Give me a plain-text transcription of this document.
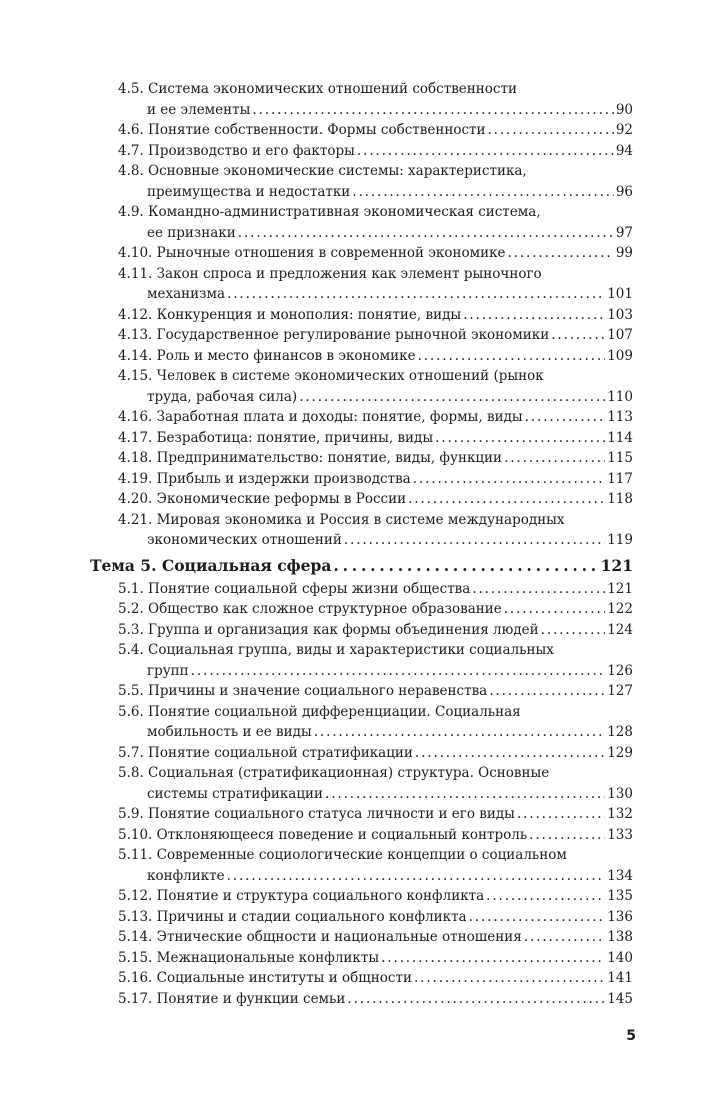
4.5. Система экономических отношений собственности
и ее элементы . . .	90
4.6. Понятие собственности. Формы собственности . . .	92
4.7. Производство и его факторы . . .	94
4.8. Основные экономические системы: характеристика,
преимущества и недостатки . . .	96
4.9. Командно-административная экономическая система,
ее признаки . . .	97
4.10. Рыночные отношения в современной экономике . . .	99
4.11. Закон спроса и предложения как элемент рыночного
механизма . . .	101
4.12. Конкуренция и монополия: понятие, виды . . .	103
4.13. Государственное регулирование рыночной экономики . . .	107
4.14. Роль и место финансов в экономике . . .	109
4.15. Человек в системе экономических отношений (рынок
труда, рабочая сила) . . .	110
4.16. Заработная плата и доходы: понятие, формы, виды . . .	113
4.17. Безработица: понятие, причины, виды . . .	114
4.18. Предпринимательство: понятие, виды, функции . . .	115
4.19. Прибыль и издержки производства . . .	117
4.20. Экономические реформы в России . . .	118
4.21. Мировая экономика и Россия в системе международных
экономических отношений . . .	119
Тема 5. Социальная сфера . . .	121
5.1. Понятие социальной сферы жизни общества . . .	121
5.2. Общество как сложное структурное образование . . .	122
5.3. Группа и организация как формы объединения людей . . .	124
5.4. Социальная группа, виды и характеристики социальных
групп . . .	126
5.5. Причины и значение социального неравенства . . .	127
5.6. Понятие социальной дифференциации. Социальная
мобильность и ее виды . . .	128
5.7. Понятие социальной стратификации . . .	129
5.8. Социальная (стратификационная) структура. Основные
системы стратификации . . .	130
5.9. Понятие социального статуса личности и его виды . . .	132
5.10. Отклоняющееся поведение и социальный контроль . . .	133
5.11. Современные социологические концепции о социальном
конфликте . . .	134
5.12. Понятие и структура социального конфликта . . .	135
5.13. Причины и стадии социального конфликта . . .	136
5.14. Этнические общности и национальные отношения . . .	138
5.15. Межнациональные конфликты . . .	140
5.16. Социальные институты и общности . . .	141
5.17. Понятие и функции семьи . . .	145
5
